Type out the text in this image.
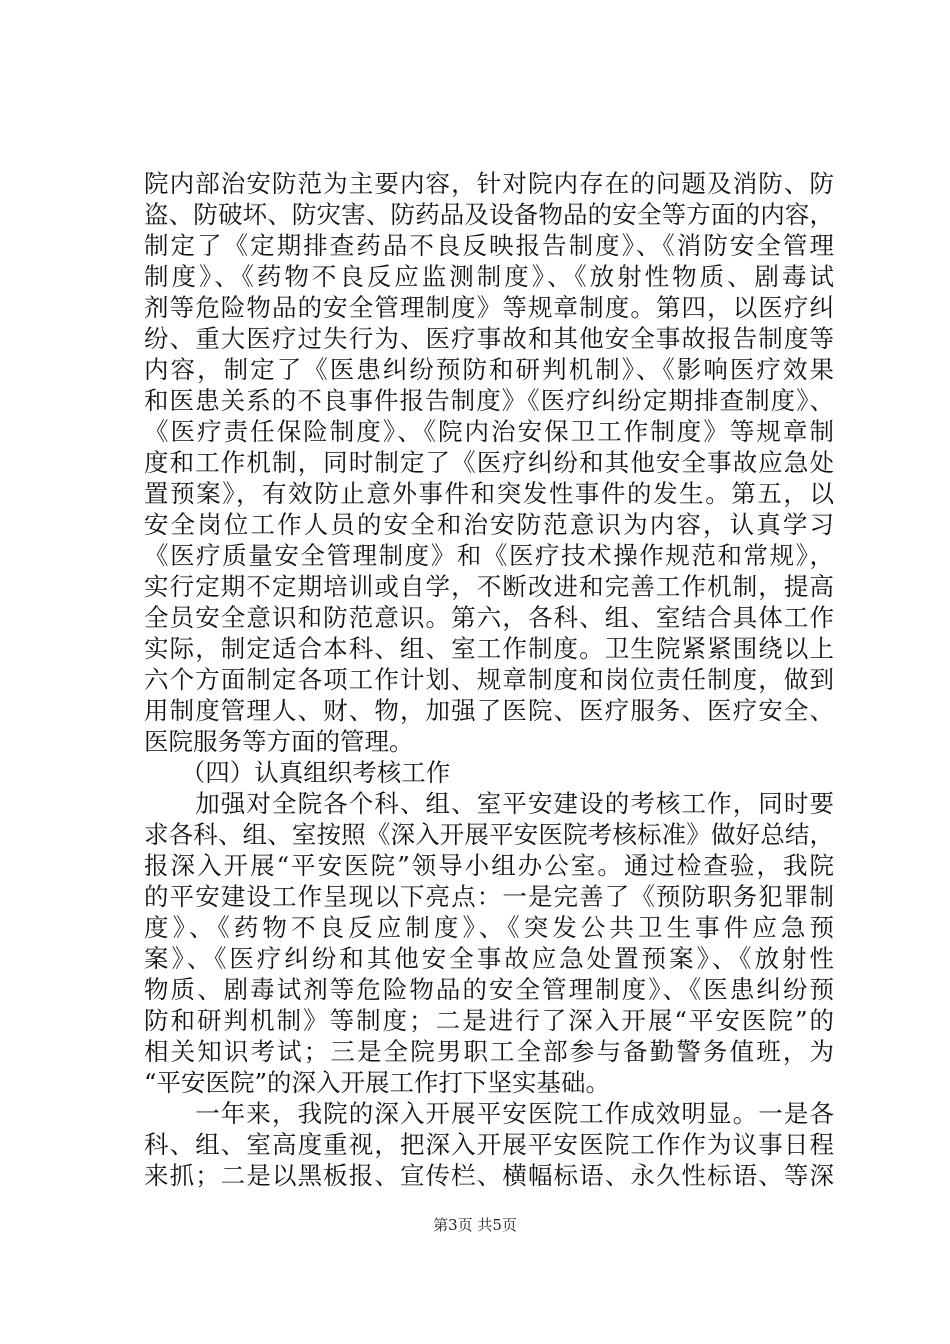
院内部治安防范为主要内容，针对院内存在的问题及消防、防
盗、防破坏、防灾害、防药品及设备物品的安全等方面的内容，
制定了《定期排查药品不良反映报告制度》、《消防安全管理
制度》、《药物不良反应监测制度》、《放射性物质、剧毒试
剂等危险物品的安全管理制度》等规章制度。第四，以医疗纠
纷、重大医疗过失行为、医疗事故和其他安全事故报告制度等
内容，制定了《医患纠纷预防和研判机制》、《影响医疗效果
和医患关系的不良事件报告制度》《医疗纠纷定期排查制度》、
《医疗责任保险制度》、《院内治安保卫工作制度》等规章制
度和工作机制，同时制定了《医疗纠纷和其他安全事故应急处
置预案》，有效防止意外事件和突发性事件的发生。第五，以
安全岗位工作人员的安全和治安防范意识为内容，认真学习
《医疗质量安全管理制度》和《医疗技术操作规范和常规》，
实行定期不定期培训或自学，不断改进和完善工作机制，提高
全员安全意识和防范意识。第六，各科、组、室结合具体工作
实际，制定适合本科、组、室工作制度。卫生院紧紧围绕以上
六个方面制定各项工作计划、规章制度和岗位责任制度，做到
用制度管理人、财、物，加强了医院、医疗服务、医疗安全、
医院服务等方面的管理。
　　（四）认真组织考核工作
　　加强对全院各个科、组、室平安建设的考核工作，同时要
求各科、组、室按照《深入开展平安医院考核标准》做好总结，
报深入开展“平安医院”领导小组办公室。通过检查验，我院
的平安建设工作呈现以下亮点：一是完善了《预防职务犯罪制
度》、《药物不良反应制度》、《突发公共卫生事件应急预
案》、《医疗纠纷和其他安全事故应急处置预案》、《放射性
物质、剧毒试剂等危险物品的安全管理制度》、《医患纠纷预
防和研判机制》等制度；二是进行了深入开展“平安医院”的
相关知识考试；三是全院男职工全部参与备勤警务值班，为
“平安医院”的深入开展工作打下坚实基础。
　　一年来，我院的深入开展平安医院工作成效明显。一是各
科、组、室高度重视，把深入开展平安医院工作作为议事日程
来抓；二是以黑板报、宣传栏、横幅标语、永久性标语、等深
第3页 共5页
